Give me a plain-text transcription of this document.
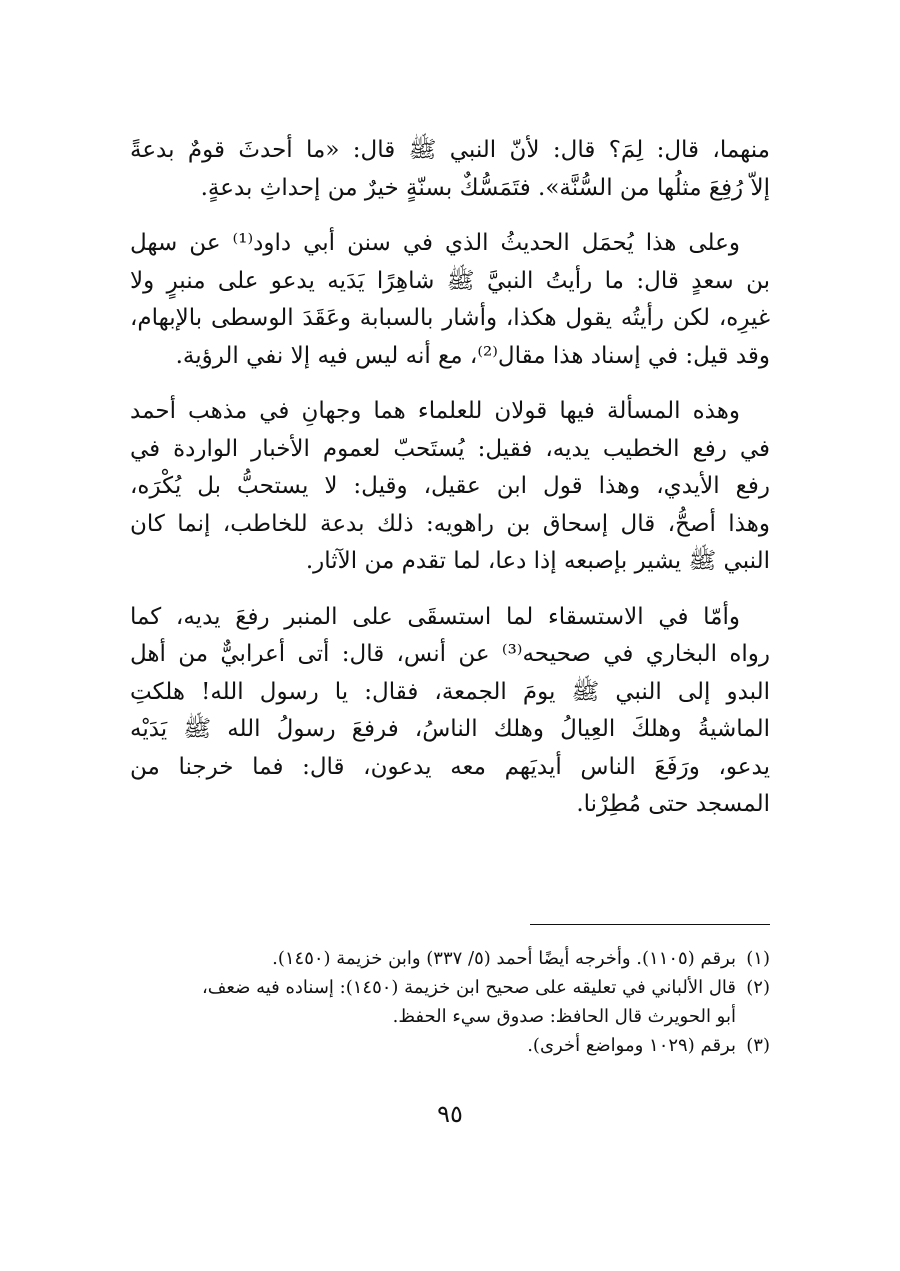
منهما، قال: لِمَ؟ قال: لأنّ النبي ﷺ قال: «ما أحدثَ قومٌ بدعةً
إلاّ رُفِعَ مثلُها من السُّنَّة». فتَمَسُّكٌ بسنّةٍ خيرٌ من إحداثِ بدعةٍ.

وعلى هذا يُحمَل الحديثُ الذي في سنن أبي داود⁽¹⁾ عن سهل
بن سعدٍ قال: ما رأيتُ النبيَّ ﷺ شاهِرًا يَدَيه يدعو على منبرٍ ولا
غيرِه، لكن رأيتُه يقول هكذا، وأشار بالسبابة وعَقَدَ الوسطى بالإبهام،
وقد قيل: في إسناد هذا مقال⁽²⁾، مع أنه ليس فيه إلا نفي الرؤية.

وهذه المسألة فيها قولان للعلماء هما وجهانِ في مذهب أحمد
في رفع الخطيب يديه، فقيل: يُستَحبّ لعموم الأخبار الواردة في
رفع الأيدي، وهذا قول ابن عقيل، وقيل: لا يستحبُّ بل يُكْرَه،
وهذا أصحُّ، قال إسحاق بن راهويه: ذلك بدعة للخاطب، إنما كان
النبي ﷺ يشير بإصبعه إذا دعا، لما تقدم من الآثار.

وأمّا في الاستسقاء لما استسقَى على المنبر رفعَ يديه، كما
رواه البخاري في صحيحه⁽³⁾ عن أنس، قال: أتى أعرابيٌّ من أهل
البدو إلى النبي ﷺ يومَ الجمعة، فقال: يا رسول الله! هلكتِ
الماشيةُ وهلكَ العِيالُ وهلك الناسُ، فرفعَ رسولُ الله ﷺ يَدَيْه
يدعو، ورَفَعَ الناس أيديَهم معه يدعون، قال: فما خرجنا من
المسجد حتى مُطِرْنا.

(١)
برقم (١١٠٥). وأخرجه أيضًا أحمد (٥/ ٣٣٧) وابن خزيمة (١٤٥٠).
(٢)
قال الألباني في تعليقه على صحيح ابن خزيمة (١٤٥٠): إسناده فيه ضعف،
أبو الحويرث قال الحافظ: صدوق سيء الحفظ.
(٣)
برقم (١٠٢٩ ومواضع أخرى).
٩٥
